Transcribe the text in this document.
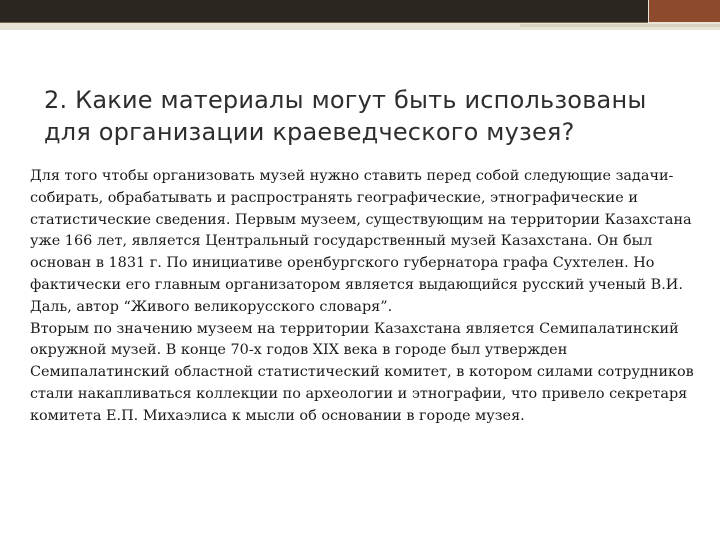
2. Какие материалы могут быть использованы
для организации краеведческого музея?

Для того чтобы организовать музей нужно ставить перед собой следующие задачи- собирать, обрабатывать и распространять географические, этнографические и статистические сведения. Первым музеем, существующим на территории Казахстана уже 166 лет, является Центральный государственный музей Казахстана. Он был основан в 1831 г. По инициативе оренбургского губернатора графа Сухтелен. Но фактически его главным организатором является выдающийся русский ученый В.И. Даль, автор “Живого великорусского словаря”.

Вторым по значению музеем на территории Казахстана является Семипалатинский окружной музей. В конце 70-х годов XIX века в городе был утвержден Семипалатинский областной статистический комитет, в котором силами сотрудников стали накапливаться коллекции по археологии и этнографии, что привело секретаря комитета Е.П. Михаэлиса к мысли об основании в городе музея.
